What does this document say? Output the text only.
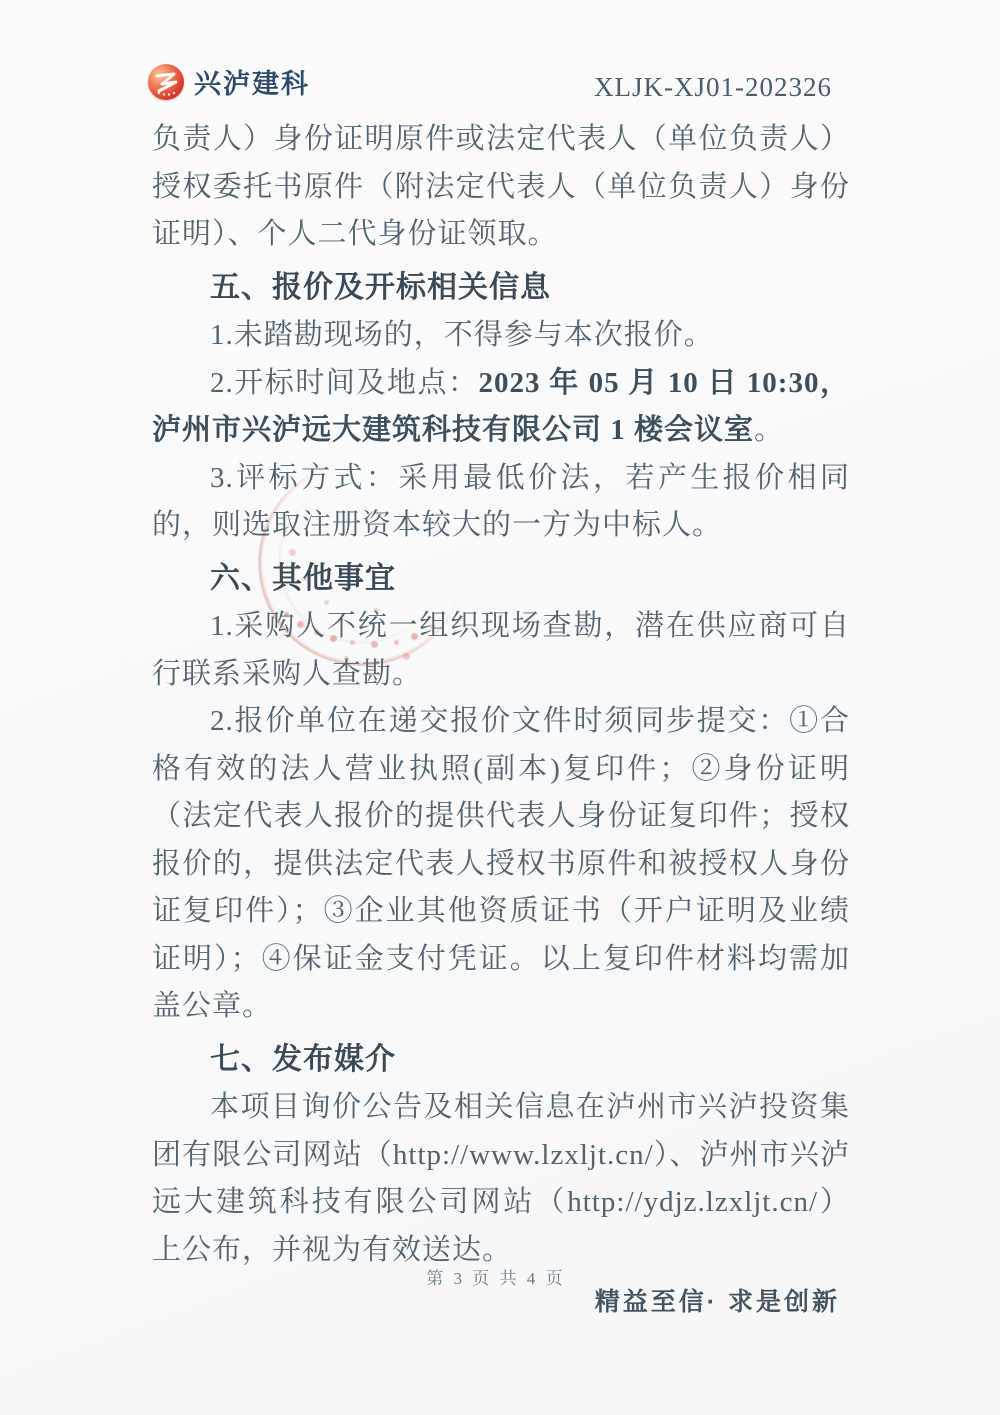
兴泸建科	XLJK-XJ01-202326

负责人）身份证明原件或法定代表人（单位负责人）授权委托书原件（附法定代表人（单位负责人）身份证明）、个人二代身份证领取。

五、报价及开标相关信息

1.未踏勘现场的，不得参与本次报价。

2.开标时间及地点：2023 年 05 月 10 日 10:30，泸州市兴泸远大建筑科技有限公司 1 楼会议室。

3.评标方式：采用最低价法，若产生报价相同的，则选取注册资本较大的一方为中标人。

六、其他事宜

1.采购人不统一组织现场查勘，潜在供应商可自行联系采购人查勘。

2.报价单位在递交报价文件时须同步提交：①合格有效的法人营业执照(副本)复印件；②身份证明（法定代表人报价的提供代表人身份证复印件；授权报价的，提供法定代表人授权书原件和被授权人身份证复印件）；③企业其他资质证书（开户证明及业绩证明）；④保证金支付凭证。以上复印件材料均需加盖公章。

七、发布媒介

本项目询价公告及相关信息在泸州市兴泸投资集团有限公司网站（http://www.lzxljt.cn/）、泸州市兴泸远大建筑科技有限公司网站（http://ydjz.lzxljt.cn/）上公布，并视为有效送达。

第 3 页 共 4 页
精益至信· 求是创新
